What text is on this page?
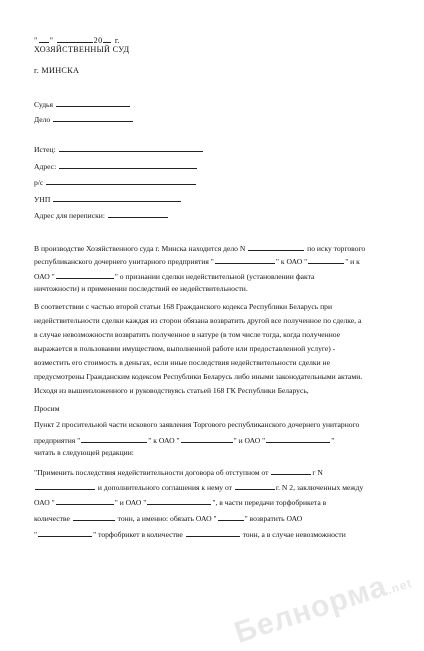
" "	20 г.
ХОЗЯЙСТВЕННЫЙ СУД
г. МИНСКА
Судья
Дело
Истец:
Адрес:
р/с
УНП
Адрес для переписки:
В производстве Хозяйственного суда г. Минска находится дело N	по иску торгового
республиканского дочернего унитарного предприятия "	" к ОАО "	" и к
ОАО "	" о признании сделки недействительной (установлении факта
ничтожности) и применении последствий ее недействительности.
В соответствии с частью второй статьи 168 Гражданского кодекса Республики Беларусь при
недействительности сделки каждая из сторон обязана возвратить другой все полученное по сделке, а
в случае невозможности возвратить полученное в натуре (в том числе тогда, когда полученное
выражается в пользовании имуществом, выполненной работе или предоставленной услуге) -
возместить его стоимость в деньгах, если иные последствия недействительности сделки не
предусмотрены Гражданским кодексом Республики Беларусь либо иными законодательными актами.
Исходя из вышеизложенного и руководствуясь статьей 168 ГК Республики Беларусь,
Просим
Пункт 2 просительной части искового заявления Торгового республиканского дочернего унитарного
предприятия "	" к ОАО "	" и ОАО "	"
читать в следующей редакции:
"Применить последствия недействительности договора об отступном от	г N
и дополнительного соглашения к нему от	г. N 2, заключенных между
ОАО "	" и ОАО "	", в части передачи торфобрикета в
количестве	тонн, а именно: обязать ОАО "	" возвратить ОАО
"	" торфобрикет в количестве	тонн, а в случае невозможности
Белнорма.net
